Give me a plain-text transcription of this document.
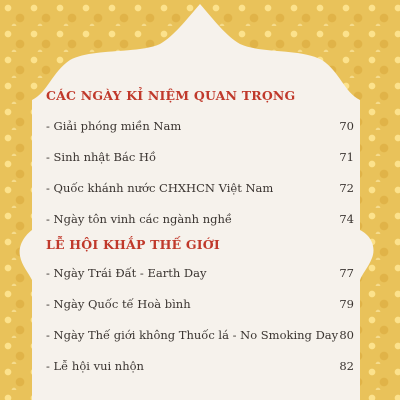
CÁC NGÀY KỈ NIỆM QUAN TRỌNG
- Giải phóng miền Nam	70
- Sinh nhật Bác Hồ	71
- Quốc khánh nước CHXHCN Việt Nam	72
- Ngày tôn vinh các ngành nghề	74
LỄ HỘI KHẮP THẾ GIỚI
- Ngày Trái Đất - Earth Day	77
- Ngày Quốc tế Hoà bình	79
- Ngày Thế giới không Thuốc lá - No Smoking Day 80
- Lễ hội vui nhộn	82
